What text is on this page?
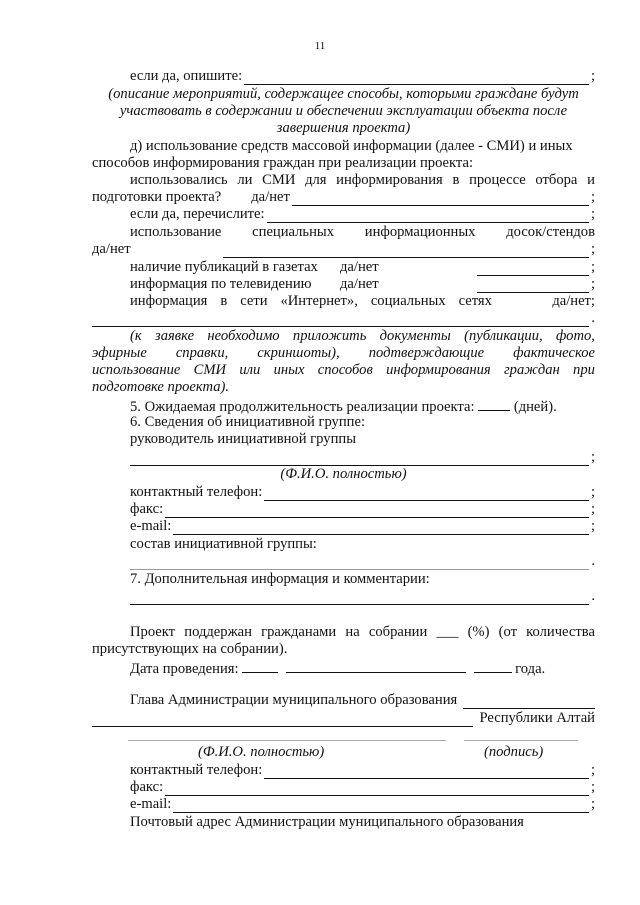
11
если да, опишите:	;
(описание мероприятий, содержащее способы, которыми граждане будут
участвовать в содержании и обеспечении эксплуатации объекта после
завершения проекта)
д) использование средств массовой информации (далее - СМИ) и иных
способов информирования граждан при реализации проекта:
использовались ли СМИ для информирования в процессе отбора и
подготовки проекта? да/нет	;
если да, перечислите:	;
использование специальных информационных досок/стендов
да/нет	;
наличие публикаций в газетах	да/нет	;
информация по телевидению	да/нет	;
информация в сети «Интернет», социальных сетях	да/нет;
.
(к заявке необходимо приложить документы (публикации, фото,
эфирные справки, скриншоты), подтверждающие фактическое
использование СМИ или иных способов информирования граждан при
подготовке проекта).
5. Ожидаемая продолжительность реализации проекта:	(дней).
6. Сведения об инициативной группе:
руководитель инициативной группы
;
(Ф.И.О. полностью)
контактный телефон:	;
факс:	;
e-mail:	;
состав инициативной группы:
.
7. Дополнительная информация и комментарии:
.
Проект поддержан гражданами на собрании ___ (%) (от количества
присутствующих на собрании).
Дата проведения:	года.
Глава Администрации муниципального образования
Республики Алтай
(Ф.И.О. полностью)	(подпись)
контактный телефон:	;
факс:	;
e-mail:	;
Почтовый адрес Администрации муниципального образования
